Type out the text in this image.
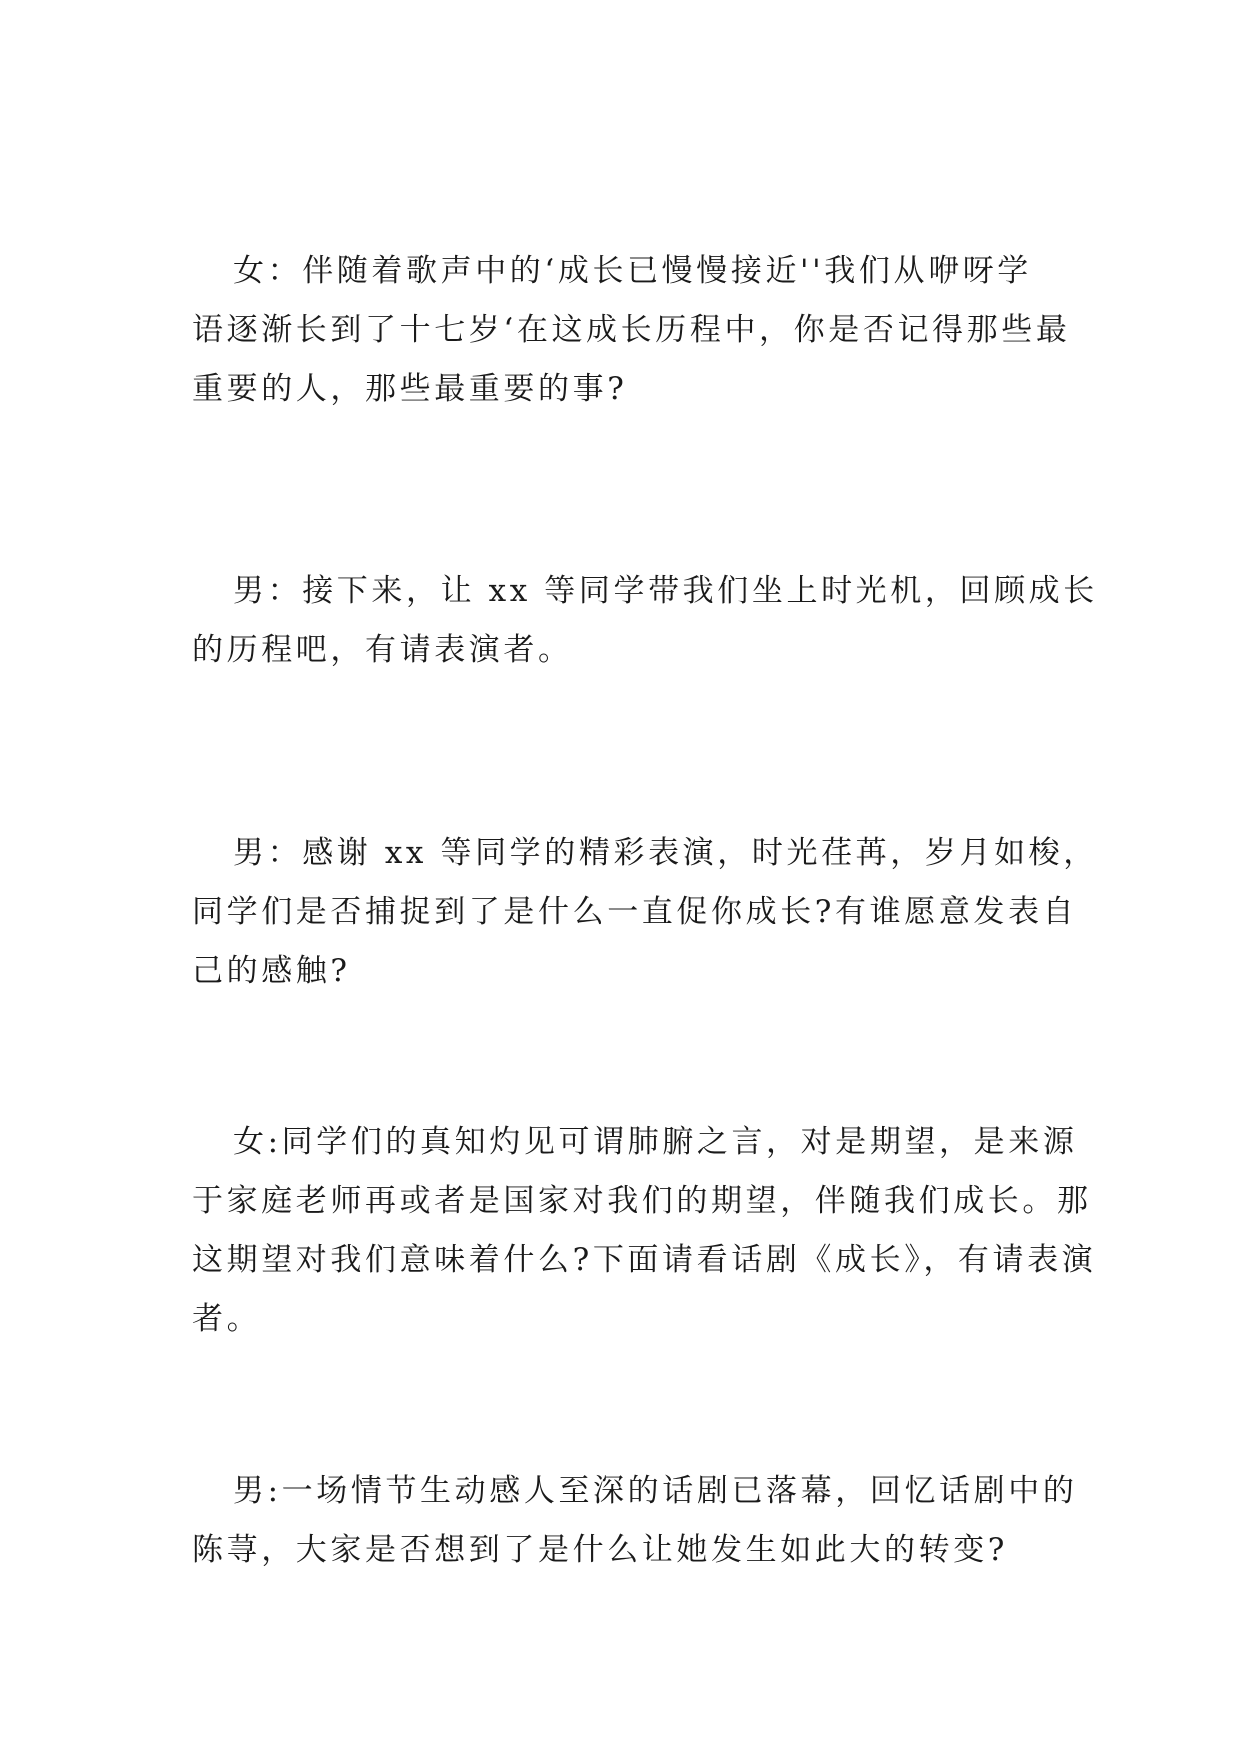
女：伴随着歌声中的‘成长已慢慢接近''我们从咿呀学
语逐渐长到了十七岁‘在这成长历程中，你是否记得那些最
重要的人，那些最重要的事?
男：接下来，让 xx 等同学带我们坐上时光机，回顾成长
的历程吧，有请表演者。
男：感谢 xx 等同学的精彩表演，时光荏苒，岁月如梭，
同学们是否捕捉到了是什么一直促你成长?有谁愿意发表自
己的感触?
女:同学们的真知灼见可谓肺腑之言，对是期望，是来源
于家庭老师再或者是国家对我们的期望，伴随我们成长。那
这期望对我们意味着什么?下面请看话剧《成长》，有请表演
者。
男:一场情节生动感人至深的话剧已落幕，回忆话剧中的
陈荨，大家是否想到了是什么让她发生如此大的转变?
